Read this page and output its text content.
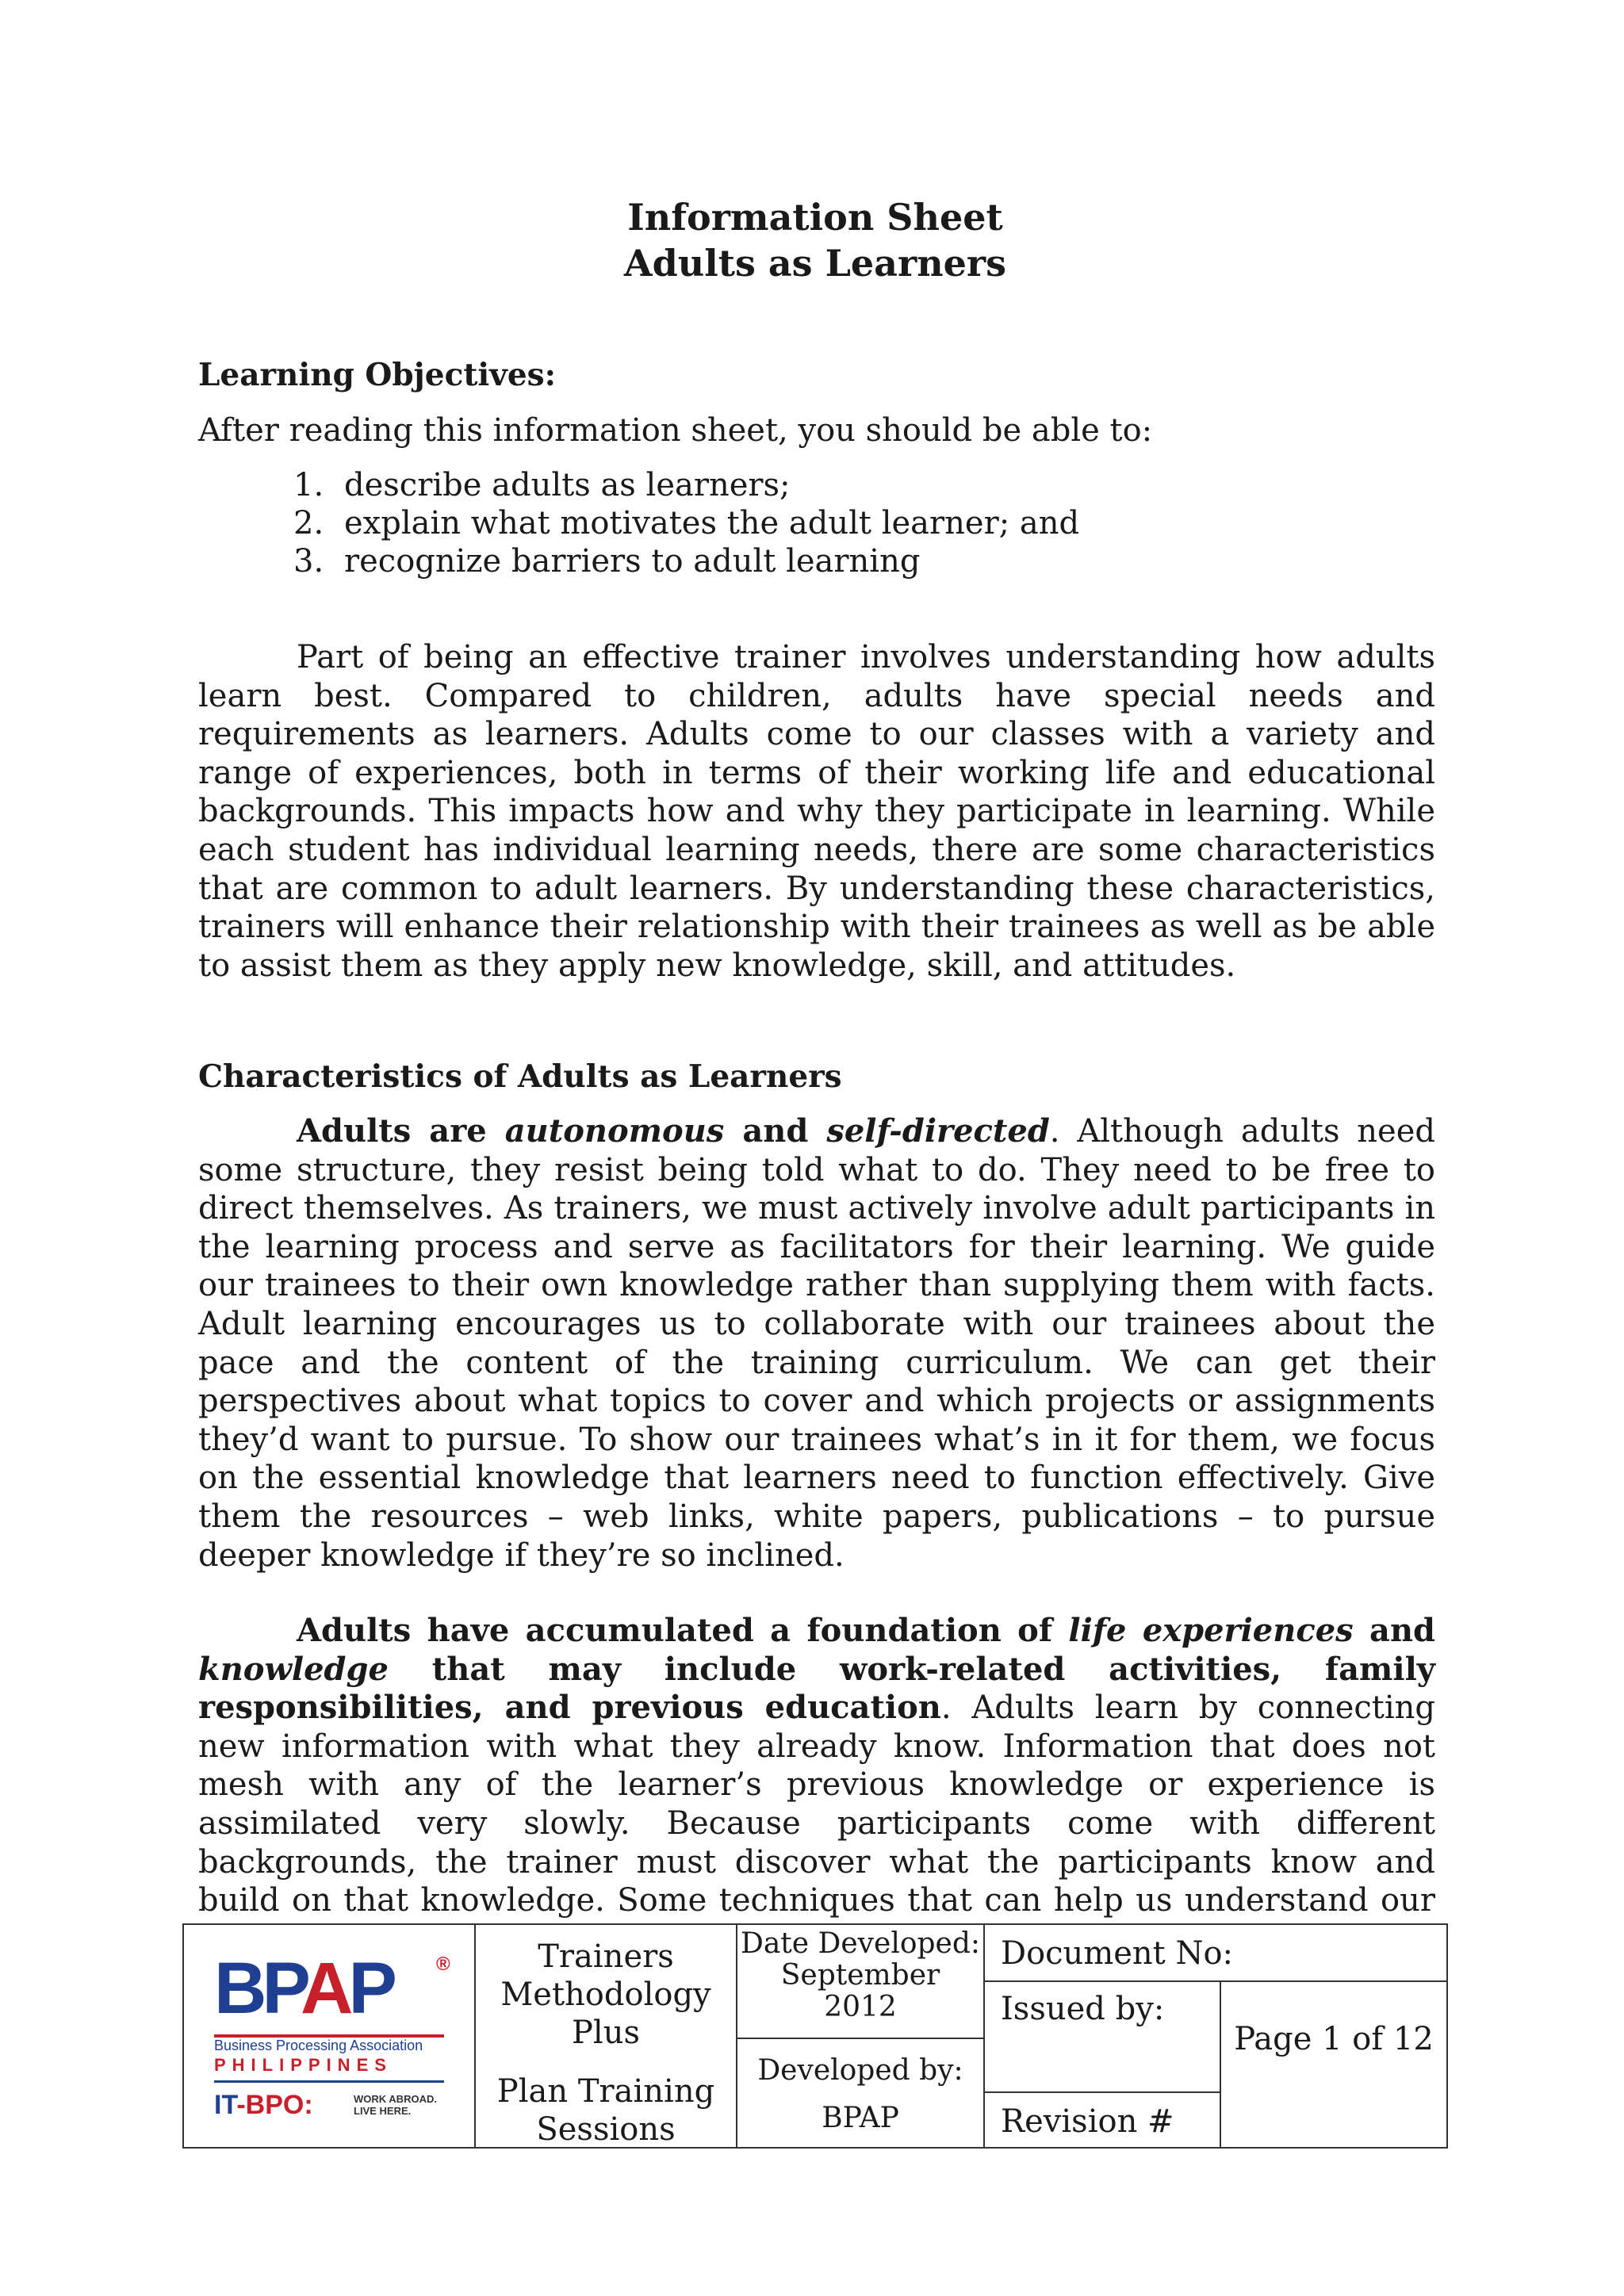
Information Sheet
Adults as Learners
Learning Objectives:
After reading this information sheet, you should be able to:
1. describe adults as learners;
2. explain what motivates the adult learner; and
3. recognize barriers to adult learning

Part of being an effective trainer involves understanding how adults learn best. Compared to children, adults have special needs and requirements as learners. Adults come to our classes with a variety and range of experiences, both in terms of their working life and educational backgrounds. This impacts how and why they participate in learning. While each student has individual learning needs, there are some characteristics that are common to adult learners. By understanding these characteristics, trainers will enhance their relationship with their trainees as well as be able to assist them as they apply new knowledge, skill, and attitudes.

Characteristics of Adults as Learners

Adults are autonomous and self-directed. Although adults need some structure, they resist being told what to do. They need to be free to direct themselves. As trainers, we must actively involve adult participants in the learning process and serve as facilitators for their learning. We guide our trainees to their own knowledge rather than supplying them with facts. Adult learning encourages us to collaborate with our trainees about the pace and the content of the training curriculum. We can get their perspectives about what topics to cover and which projects or assignments they’d want to pursue. To show our trainees what’s in it for them, we focus on the essential knowledge that learners need to function effectively. Give them the resources – web links, white papers, publications – to pursue deeper knowledge if they’re so inclined.

Adults have accumulated a foundation of life experiences and knowledge that may include work-related activities, family responsibilities, and previous education. Adults learn by connecting new information with what they already know. Information that does not mesh with any of the learner’s previous knowledge or experience is assimilated very slowly. Because participants come with different backgrounds, the trainer must discover what the participants know and build on that knowledge. Some techniques that can help us understand our

BPAP ®
Business Processing Association
PHILIPPINES
IT-BPO:	WORK ABROAD.
LIVE HERE.
Trainers
Methodology
Plus
Plan Training
Sessions
Date Developed:
September
2012
Developed by:
BPAP
Document No:
Issued by:
Revision #
Page 1 of 12
